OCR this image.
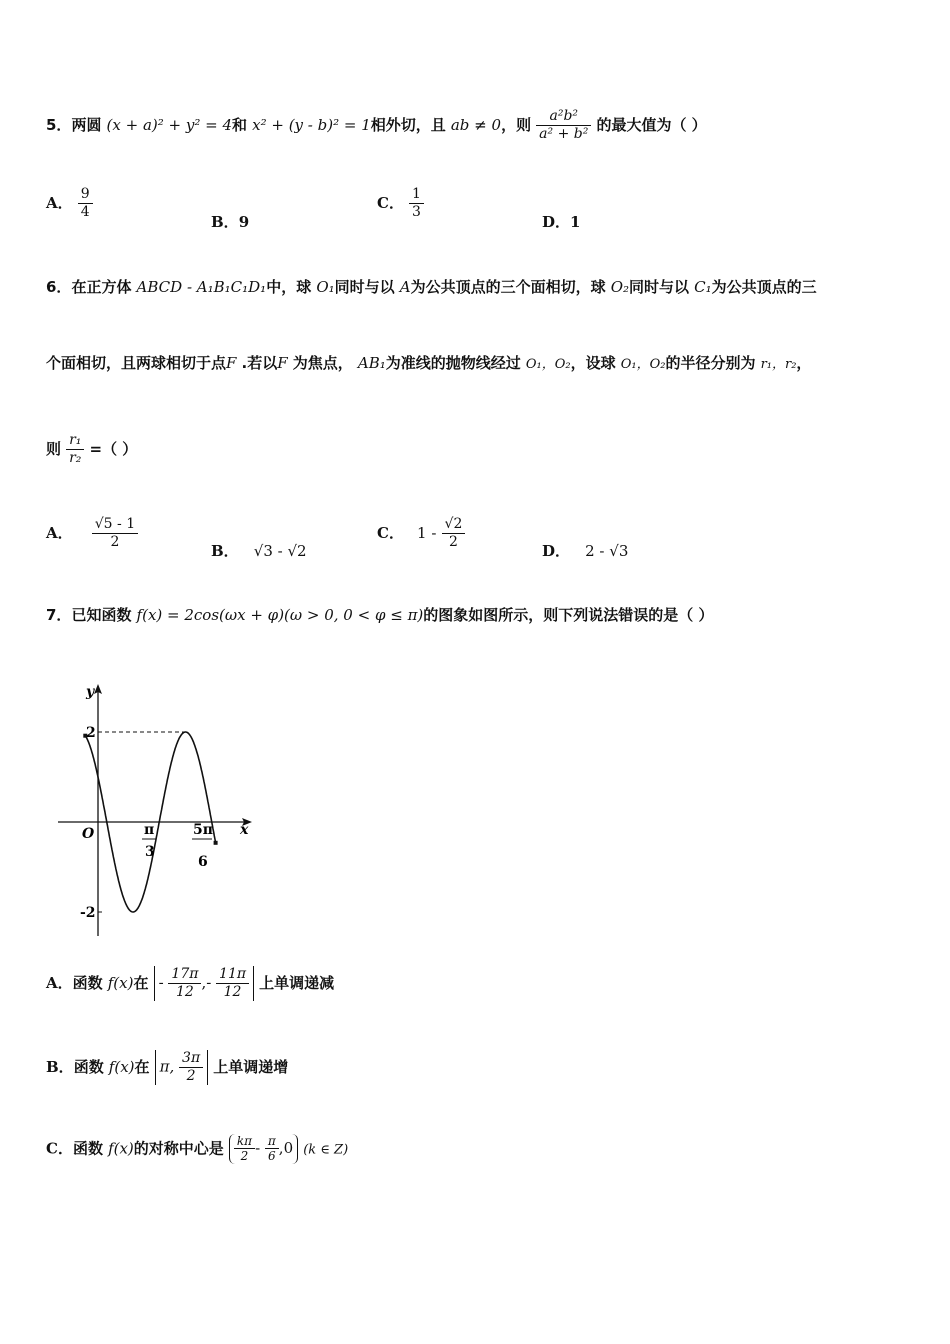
5．两圆 (x + a)² + y² = 4和 x² + (y - b)² = 1相外切，且 ab ≠ 0，则 $\frac{\text{a²b²}}{\text{a² + b²}}$ 的最大值为（ ）
A． $\frac{9}{4}$
B．9
C． $\frac{1}{3}$
D．1
6．在正方体 ABCD - A₁B₁C₁D₁中，球 O₁同时与以 A为公共顶点的三个面相切，球 O₂同时与以 C₁为公共顶点的三
个面相切，且两球相切于点F .若以F 为焦点， AB₁为准线的抛物线经过 O₁，O₂，设球 O₁，O₂的半径分别为 r₁，r₂，
则 $\frac{\text{r₁}}{\text{r₂}}$ =（ ）
A． $\frac{√5 - 1}{2}$
B． √3 - √2
C． $1 - \frac{√2}{2}$
D． 2 - √3
7．已知函数 f(x) = 2cos(ωx + φ)(ω > 0, 0 < φ ≤ π)的图象如图所示，则下列说法错误的是（ ）
y
x
O
2
-2
π
3
5π
6
A．函数 f(x)在 - $\frac{17\pi}{12}$ ,- $\frac{11\pi}{12}$ 上单调递减
B．函数 f(x)在 π, $\frac{3\pi}{2}$ 上单调递增
C．函数 f(x)的对称中心是 $\frac{k\pi}{2} - \frac{\pi}{6} ,0$ (k ∈ Z)
